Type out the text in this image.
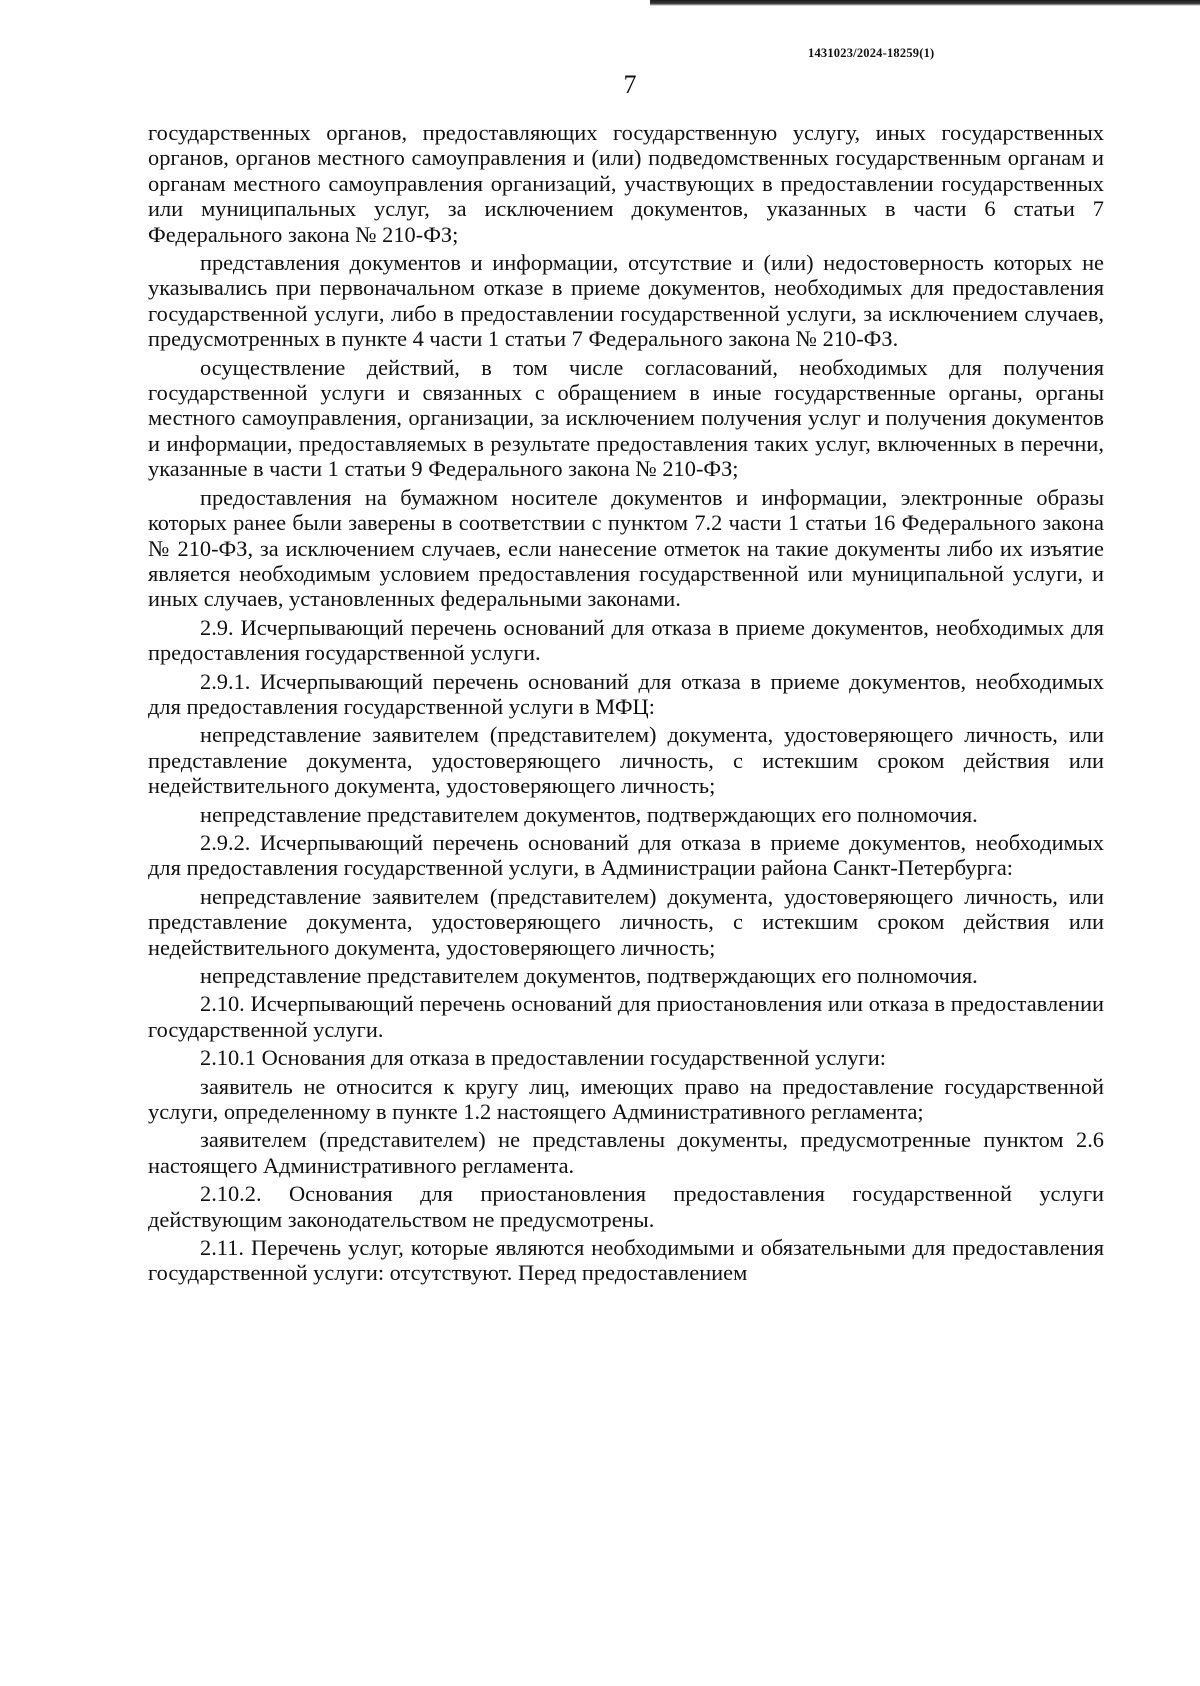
1431023/2024-18259(1)
7

государственных органов, предоставляющих государственную услугу, иных государственных органов, органов местного самоуправления и (или) подведомственных государственным органам и органам местного самоуправления организаций, участвующих в предоставлении государственных или муниципальных услуг, за исключением документов, указанных в части 6 статьи 7 Федерального закона № 210-ФЗ;

представления документов и информации, отсутствие и (или) недостоверность которых не указывались при первоначальном отказе в приеме документов, необходимых для предоставления государственной услуги, либо в предоставлении государственной услуги, за исключением случаев, предусмотренных в пункте 4 части 1 статьи 7 Федерального закона № 210-ФЗ.

осуществление действий, в том числе согласований, необходимых для получения государственной услуги и связанных с обращением в иные государственные органы, органы местного самоуправления, организации, за исключением получения услуг и получения документов и информации, предоставляемых в результате предоставления таких услуг, включенных в перечни, указанные в части 1 статьи 9 Федерального закона № 210-ФЗ;

предоставления на бумажном носителе документов и информации, электронные образы которых ранее были заверены в соответствии с пунктом 7.2 части 1 статьи 16 Федерального закона № 210-ФЗ, за исключением случаев, если нанесение отметок на такие документы либо их изъятие является необходимым условием предоставления государственной или муниципальной услуги, и иных случаев, установленных федеральными законами.

2.9. Исчерпывающий перечень оснований для отказа в приеме документов, необходимых для предоставления государственной услуги.

2.9.1. Исчерпывающий перечень оснований для отказа в приеме документов, необходимых для предоставления государственной услуги в МФЦ:

непредставление заявителем (представителем) документа, удостоверяющего личность, или представление документа, удостоверяющего личность, с истекшим сроком действия или недействительного документа, удостоверяющего личность;

непредставление представителем документов, подтверждающих его полномочия.

2.9.2. Исчерпывающий перечень оснований для отказа в приеме документов, необходимых для предоставления государственной услуги, в Администрации района Санкт-Петербурга:

непредставление заявителем (представителем) документа, удостоверяющего личность, или представление документа, удостоверяющего личность, с истекшим сроком действия или недействительного документа, удостоверяющего личность;

непредставление представителем документов, подтверждающих его полномочия.

2.10. Исчерпывающий перечень оснований для приостановления или отказа в предоставлении государственной услуги.

2.10.1 Основания для отказа в предоставлении государственной услуги:

заявитель не относится к кругу лиц, имеющих право на предоставление государственной услуги, определенному в пункте 1.2 настоящего Административного регламента;

заявителем (представителем) не представлены документы, предусмотренные пунктом 2.6 настоящего Административного регламента.

2.10.2. Основания для приостановления предоставления государственной услуги действующим законодательством не предусмотрены.

2.11. Перечень услуг, которые являются необходимыми и обязательными для предоставления государственной услуги: отсутствуют. Перед предоставлением
